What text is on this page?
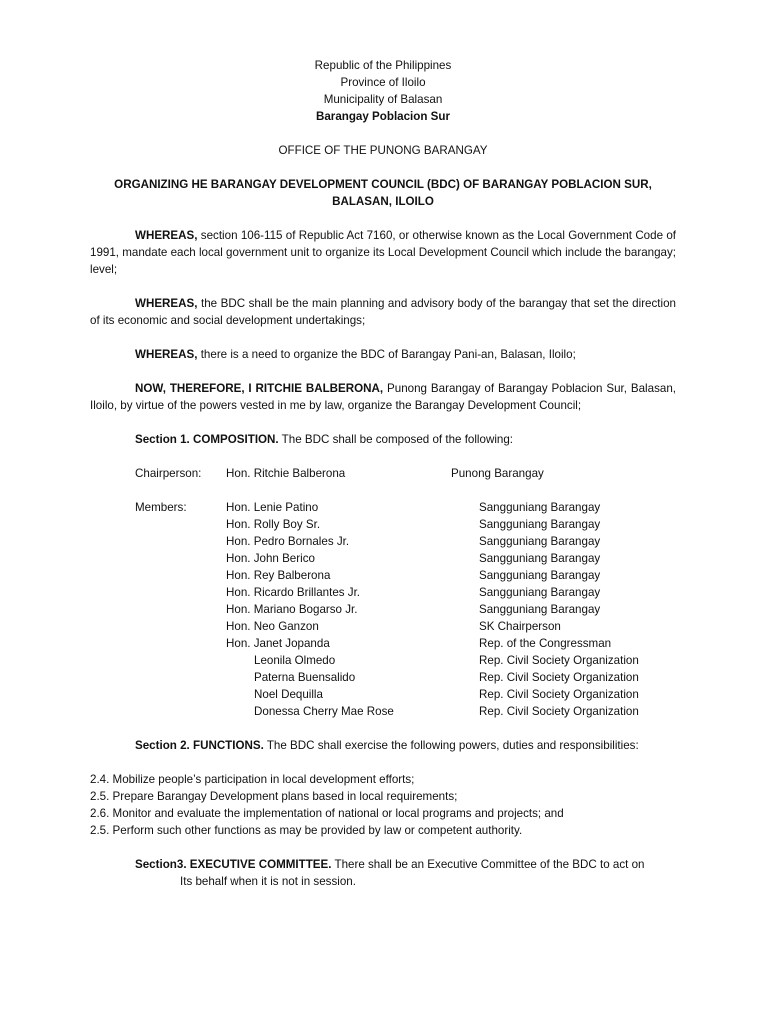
Republic of the Philippines
Province of Iloilo
Municipality of Balasan
Barangay Poblacion Sur
OFFICE OF THE PUNONG BARANGAY
ORGANIZING HE BARANGAY DEVELOPMENT COUNCIL (BDC) OF BARANGAY POBLACION SUR,
BALASAN, ILOILO

WHEREAS, section 106-115 of Republic Act 7160, or otherwise known as the Local Government Code of 1991, mandate each local government unit to organize its Local Development Council which include the barangay; level;

WHEREAS, the BDC shall be the main planning and advisory body of the barangay that set the direction of its economic and social development undertakings;

WHEREAS, there is a need to organize the BDC of Barangay Pani-an, Balasan, Iloilo;

NOW, THEREFORE, I RITCHIE BALBERONA, Punong Barangay of Barangay Poblacion Sur, Balasan, Iloilo, by virtue of the powers vested in me by law, organize the Barangay Development Council;

Section 1. COMPOSITION. The BDC shall be composed of the following:

Chairperson:	Hon. Ritchie Balberona	Punong Barangay
Members:	Hon. Lenie Patino	Sangguniang Barangay
	Hon. Rolly Boy Sr.	Sangguniang Barangay
	Hon. Pedro Bornales Jr.	Sangguniang Barangay
	Hon. John Berico	Sangguniang Barangay
	Hon. Rey Balberona	Sangguniang Barangay
	Hon. Ricardo Brillantes Jr.	Sangguniang Barangay
	Hon. Mariano Bogarso Jr.	Sangguniang Barangay
	Hon. Neo Ganzon	SK Chairperson
	Hon. Janet Jopanda	Rep. of the Congressman
	Leonila Olmedo	Rep. Civil Society Organization
	Paterna Buensalido	Rep. Civil Society Organization
	Noel Dequilla	Rep. Civil Society Organization
	Donessa Cherry Mae Rose	Rep. Civil Society Organization

Section 2. FUNCTIONS. The BDC shall exercise the following powers, duties and responsibilities:

2.4. Mobilize people’s participation in local development efforts;
2.5. Prepare Barangay Development plans based in local requirements;
2.6. Monitor and evaluate the implementation of national or local programs and projects; and
2.5. Perform such other functions as may be provided by law or competent authority.

Section3. EXECUTIVE COMMITTEE. There shall be an Executive Committee of the BDC to act on

Its behalf when it is not in session.
